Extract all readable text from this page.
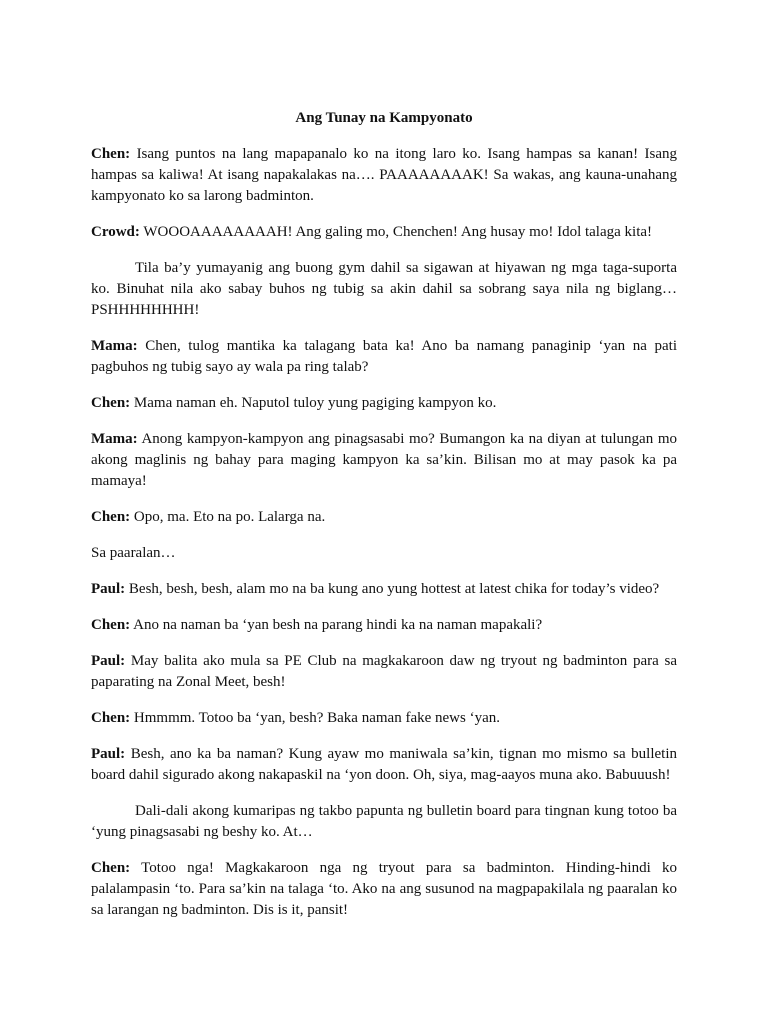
Ang Tunay na Kampyonato

Chen: Isang puntos na lang mapapanalo ko na itong laro ko. Isang hampas sa kanan! Isang hampas sa kaliwa! At isang napakalakas na…. PAAAAAAAAK! Sa wakas, ang kauna-unahang kampyonato ko sa larong badminton.

Crowd: WOOOAAAAAAAAH! Ang galing mo, Chenchen! Ang husay mo! Idol talaga kita!

Tila ba’y yumayanig ang buong gym dahil sa sigawan at hiyawan ng mga taga-suporta ko. Binuhat nila ako sabay buhos ng tubig sa akin dahil sa sobrang saya nila ng biglang… PSHHHHHHHH!

Mama: Chen, tulog mantika ka talagang bata ka! Ano ba namang panaginip ‘yan na pati pagbuhos ng tubig sayo ay wala pa ring talab?

Chen: Mama naman eh. Naputol tuloy yung pagiging kampyon ko.

Mama: Anong kampyon-kampyon ang pinagsasabi mo? Bumangon ka na diyan at tulungan mo akong maglinis ng bahay para maging kampyon ka sa’kin. Bilisan mo at may pasok ka pa mamaya!

Chen: Opo, ma. Eto na po. Lalarga na.

Sa paaralan…

Paul: Besh, besh, besh, alam mo na ba kung ano yung hottest at latest chika for today’s video?

Chen: Ano na naman ba ‘yan besh na parang hindi ka na naman mapakali?

Paul: May balita ako mula sa PE Club na magkakaroon daw ng tryout ng badminton para sa paparating na Zonal Meet, besh!

Chen: Hmmmm. Totoo ba ‘yan, besh? Baka naman fake news ‘yan.

Paul: Besh, ano ka ba naman? Kung ayaw mo maniwala sa’kin, tignan mo mismo sa bulletin board dahil sigurado akong nakapaskil na ‘yon doon. Oh, siya, mag-aayos muna ako. Babuuush!

Dali-dali akong kumaripas ng takbo papunta ng bulletin board para tingnan kung totoo ba ‘yung pinagsasabi ng beshy ko. At…

Chen: Totoo nga! Magkakaroon nga ng tryout para sa badminton. Hinding-hindi ko palalampasin ‘to. Para sa’kin na talaga ‘to. Ako na ang susunod na magpapakilala ng paaralan ko sa larangan ng badminton. Dis is it, pansit!
